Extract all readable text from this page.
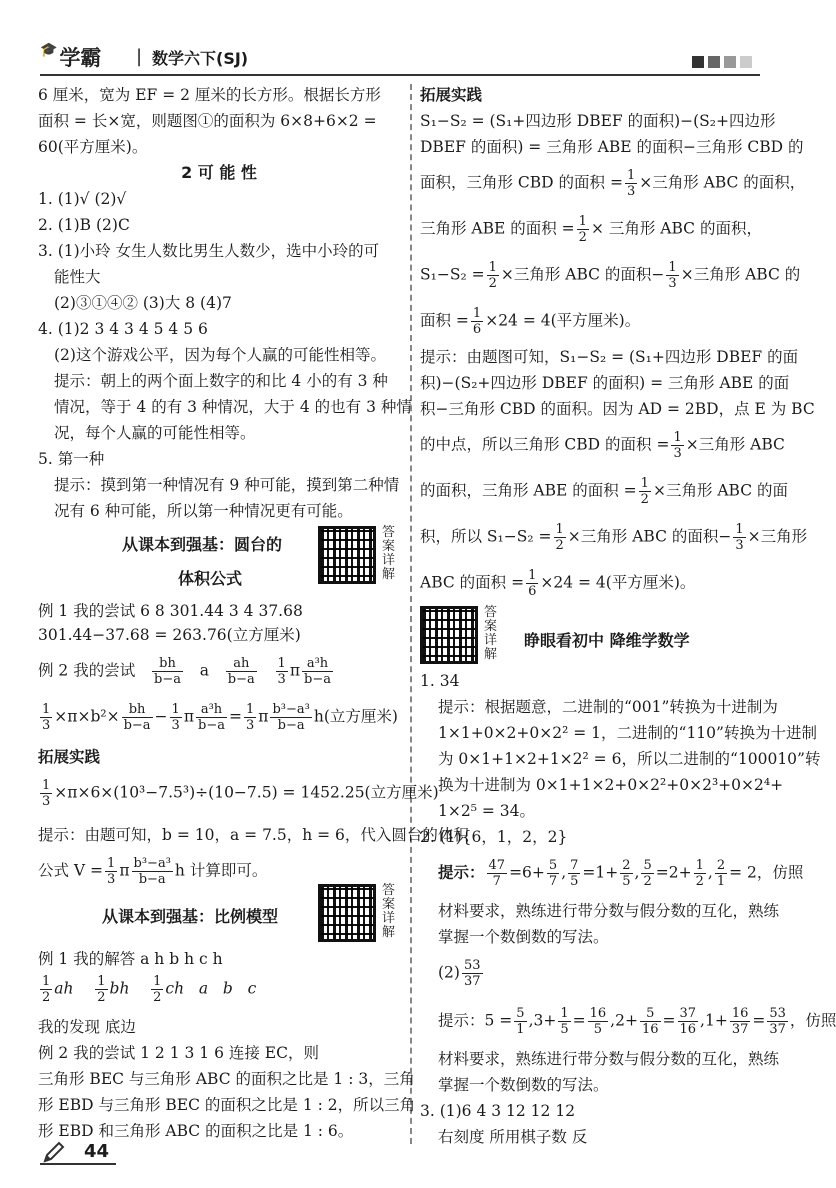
🎓学霸 | 数学六下(SJ)
6 厘米，宽为 EF = 2 厘米的长方形。根据长方形
面积 = 长×宽，则题图①的面积为 6×8+6×2 =
60(平方厘米)。
2 可 能 性
1. (1)√ (2)√
2. (1)B (2)C
3. (1)小玲 女生人数比男生人数少，选中小玲的可
能性大
(2)③①④② (3)大 8 (4)7
4. (1)2 3 4 3 4 5 4 5 6
(2)这个游戏公平，因为每个人赢的可能性相等。
提示：朝上的两个面上数字的和比 4 小的有 3 种
情况，等于 4 的有 3 种情况，大于 4 的也有 3 种情
况，每个人赢的可能性相等。
5. 第一种
提示：摸到第一种情况有 9 种可能，摸到第二种情
况有 6 种可能，所以第一种情况更有可能。
从课本到强基：圆台的
答案详解
体积公式
例 1 我的尝试 6 8 301.44 3 4 37.68
301.44−37.68 = 263.76(立方厘米)
例 2 我的尝试 $\frac{bh}{b-a}$ a $\frac{ah}{b-a}$
$\frac{1}{3}$ π $\frac{\text{a³h}}{b-a}$
$\frac{1}{3} \times\pi\times b^2\times \frac{bh}{b-a} - \frac{1}{3}$ π $\frac{\text{a³h}}{b-a} = \frac{1}{3}$ π $\frac{\text{b³−a³}}{b-a} h$(立方厘米)
拓展实践
$\frac{1}{3} \times\pi\times 6\times(10^3-7.5^3)\div(10-7.5) = 1452.25$(立方厘米)
提示：由题可知，b = 10，a = 7.5，h = 6，代入圆台的体积
公式 $V = \frac{1}{3}$ π $\frac{\text{b³−a³}}{b-a}$ h 计算即可。
从课本到强基：比例模型
答案详解
例 1 我的解答 a h b h c h
$\frac{1}{2}$ ah $\frac{1}{2}$ bh $\frac{1}{2}$ ch a b c
我的发现 底边
例 2 我的尝试 1 2 1 3 1 6 连接 EC，则
三角形 BEC 与三角形 ABC 的面积之比是 1 : 3，三角
形 EBD 与三角形 BEC 的面积之比是 1 : 2，所以三角
形 EBD 和三角形 ABC 的面积之比是 1 : 6。
拓展实践
S₁−S₂ = (S₁+四边形 DBEF 的面积)−(S₂+四边形
DBEF 的面积) = 三角形 ABE 的面积−三角形 CBD 的
面积，三角形 CBD 的面积 = $\frac{1}{3}$ ×三角形 ABC 的面积，
三角形 ABE 的面积 = $\frac{1}{2}$ × 三角形 ABC 的面积，
$S_1-S_2 = \frac{1}{2}$ ×三角形 ABC 的面积− $\frac{1}{3}$ ×三角形 ABC 的
面积 = $\frac{1}{6} \times 24 = 4$(平方厘米)。
提示：由题图可知，S₁−S₂ = (S₁+四边形 DBEF 的面
积)−(S₂+四边形 DBEF 的面积) = 三角形 ABE 的面
积−三角形 CBD 的面积。因为 AD = 2BD，点 E 为 BC
的中点，所以三角形 CBD 的面积 = $\frac{1}{3}$ ×三角形 ABC
的面积，三角形 ABE 的面积 = $\frac{1}{2}$ ×三角形 ABC 的面
积，所以 $S_1-S_2 = \frac{1}{2}$ ×三角形 ABC 的面积− $\frac{1}{3}$ ×三角形
ABC 的面积 = $\frac{1}{6} \times 24 = 4$(平方厘米)。
答案详解
睁眼看初中 降维学数学
1. 34
提示：根据题意，二进制的“001”转换为十进制为
1×1+0×2+0×2² = 1，二进制的“110”转换为十进制
为 0×1+1×2+1×2² = 6，所以二进制的“100010”转
换为十进制为 0×1+1×2+0×2²+0×2³+0×2⁴+
1×2⁵ = 34。
2. (1){6，1，2，2}
提示： $\frac{47}{7} =6+ \frac{5}{7}$ , $\frac{7}{5} =1+ \frac{2}{5}$ , $\frac{5}{2} =2+ \frac{1}{2}$ , $\frac{2}{1} = 2$，仿照
材料要求，熟练进行带分数与假分数的互化，熟练
掌握一个数倒数的写法。
$(2) \frac{53}{37}$
提示：$5 = \frac{5}{1} ,3+ \frac{1}{5} = \frac{16}{5} ,2+ \frac{5}{16} = \frac{37}{16} ,1+ \frac{16}{37} = \frac{53}{37}$ ，仿照
材料要求，熟练进行带分数与假分数的互化，熟练
掌握一个数倒数的写法。
3. (1)6 4 3 12 12 12
右刻度 所用棋子数 反
44
